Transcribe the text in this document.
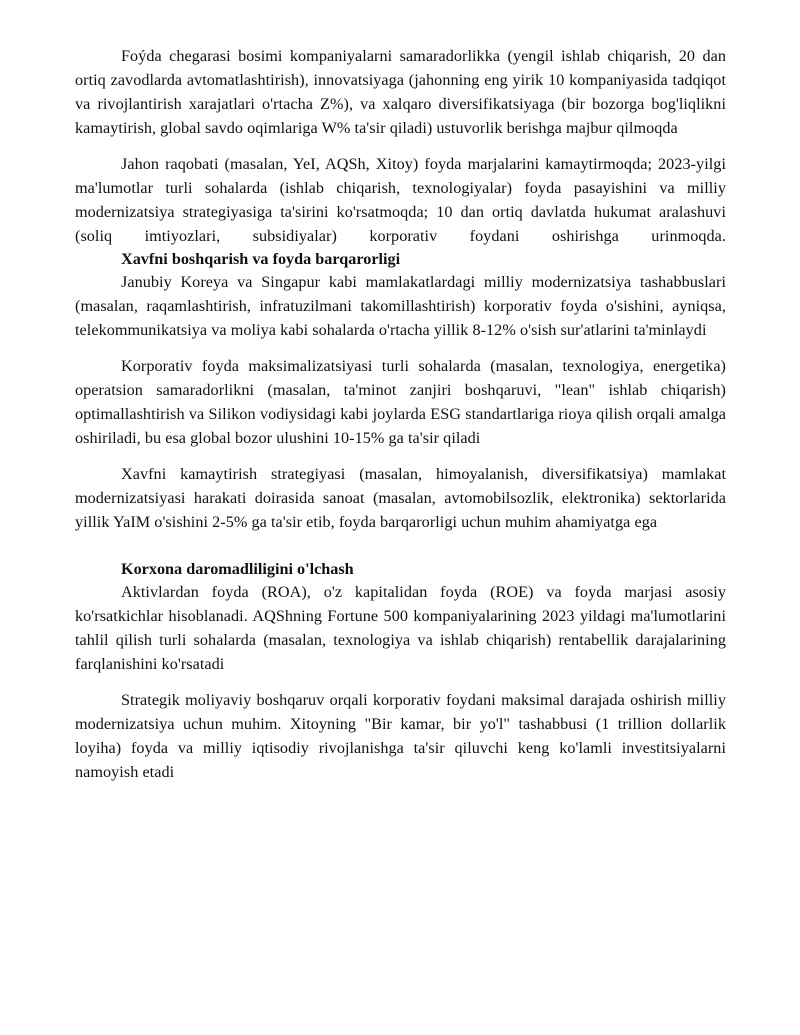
Foýda chegarasi bosimi kompaniyalarni samaradorlikka (yengil ishlab chiqarish, 20 dan ortiq zavodlarda avtomatlashtirish), innovatsiyaga (jahonning eng yirik 10 kompaniyasida tadqiqot va rivojlantirish xarajatlari o'rtacha Z%), va xalqaro diversifikatsiyaga (bir bozorga bog'liqlikni kamaytirish, global savdo oqimlariga W% ta'sir qiladi) ustuvorlik berishga majbur qilmoqda

Jahon raqobati (masalan, YeI, AQSh, Xitoy) foyda marjalarini kamaytirmoqda; 2023-yilgi ma'lumotlar turli sohalarda (ishlab chiqarish, texnologiyalar) foyda pasayishini va milliy modernizatsiya strategiyasiga ta'sirini ko'rsatmoqda; 10 dan ortiq davlatda hukumat aralashuvi (soliq imtiyozlari, subsidiyalar) korporativ foydani oshirishga urinmoqda.

Xavfni boshqarish va foyda barqarorligi

Janubiy Koreya va Singapur kabi mamlakatlardagi milliy modernizatsiya tashabbuslari (masalan, raqamlashtirish, infratuzilmani takomillashtirish) korporativ foyda o'sishini, ayniqsa, telekommunikatsiya va moliya kabi sohalarda o'rtacha yillik 8-12% o'sish sur'atlarini ta'minlaydi

Korporativ foyda maksimalizatsiyasi turli sohalarda (masalan, texnologiya, energetika) operatsion samaradorlikni (masalan, ta'minot zanjiri boshqaruvi, "lean" ishlab chiqarish) optimallashtirish va Silikon vodiysidagi kabi joylarda ESG standartlariga rioya qilish orqali amalga oshiriladi, bu esa global bozor ulushini 10-15% ga ta'sir qiladi

Xavfni kamaytirish strategiyasi (masalan, himoyalanish, diversifikatsiya) mamlakat modernizatsiyasi harakati doirasida sanoat (masalan, avtomobilsozlik, elektronika) sektorlarida yillik YaIM o'sishini 2-5% ga ta'sir etib, foyda barqarorligi uchun muhim ahamiyatga ega

Korxona daromadliligini o'lchash

Aktivlardan foyda (ROA), o'z kapitalidan foyda (ROE) va foyda marjasi asosiy ko'rsatkichlar hisoblanadi. AQShning Fortune 500 kompaniyalarining 2023 yildagi ma'lumotlarini tahlil qilish turli sohalarda (masalan, texnologiya va ishlab chiqarish) rentabellik darajalarining farqlanishini ko'rsatadi

Strategik moliyaviy boshqaruv orqali korporativ foydani maksimal darajada oshirish milliy modernizatsiya uchun muhim. Xitoyning "Bir kamar, bir yo'l" tashabbusi (1 trillion dollarlik loyiha) foyda va milliy iqtisodiy rivojlanishga ta'sir qiluvchi keng ko'lamli investitsiyalarni namoyish etadi
